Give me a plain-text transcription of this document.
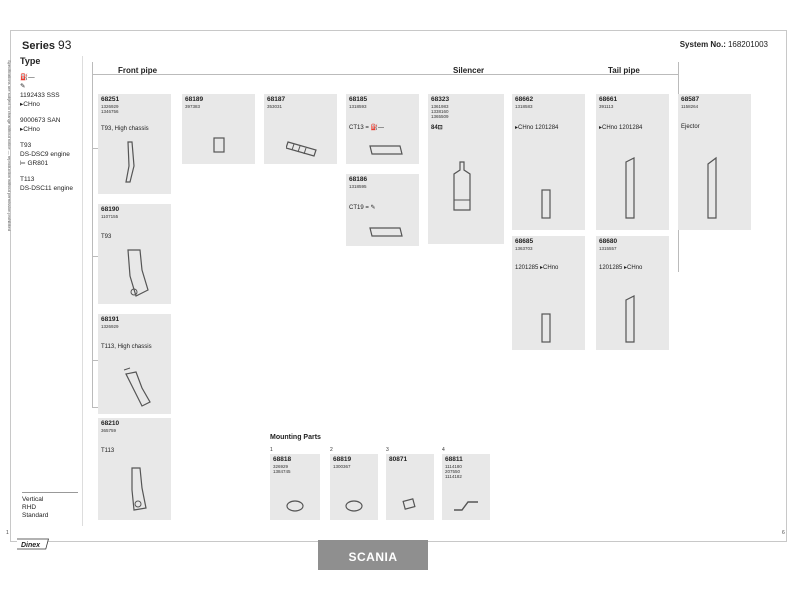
Series 93	System No.: 168201003
Specifications are subject to change without notice — reproduction without permission prohibited Type
⛽—
✎
1192433 SSS
▸CHno
9000673 SAN
▸CHno
T93
DS-DSC9 engine
⊨ GR801
T113
DS-DSC11 engine
Vertical
RHD
Standard
Front pipe	Silencer	Tail pipe
68251
1326929
1346756
T93, High chassis
68190
1107155
T93
68191
1326929
T113, High chassis
68210
365759
T113
68189
397383
68187
353031
68185
1318593
CT13 = ⛽—
68186
1318595
CT19 = ✎
68323
1361983
1338160
1365509
84⊡
68662
1318583
▸CHno 1201284
68661
391113
▸CHno 1201284
68587
1158264
Ejector
68685
1363703
1201285 ▸CHno
68680
1315557
1201285 ▸CHno
Mounting Parts
1
68818
326929
1384745
2
68819
1300367
3
80871
4
68811
1114180
207550
1114182
1	6
Dinex
SCANIA
